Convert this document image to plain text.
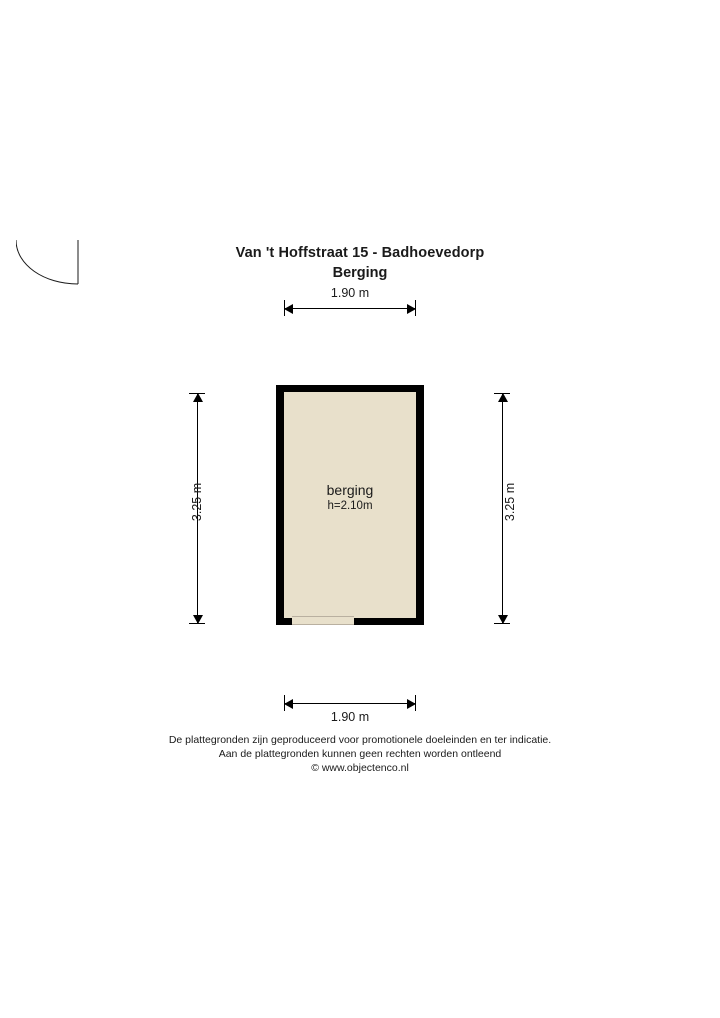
Van 't Hoffstraat 15 - Badhoevedorp
Berging
1.90 m
3.25 m	3.25 m
berging
h=2.10m
1.90 m
De plattegronden zijn geproduceerd voor promotionele doeleinden en ter indicatie.
Aan de plattegronden kunnen geen rechten worden ontleend
© www.objectenco.nl
